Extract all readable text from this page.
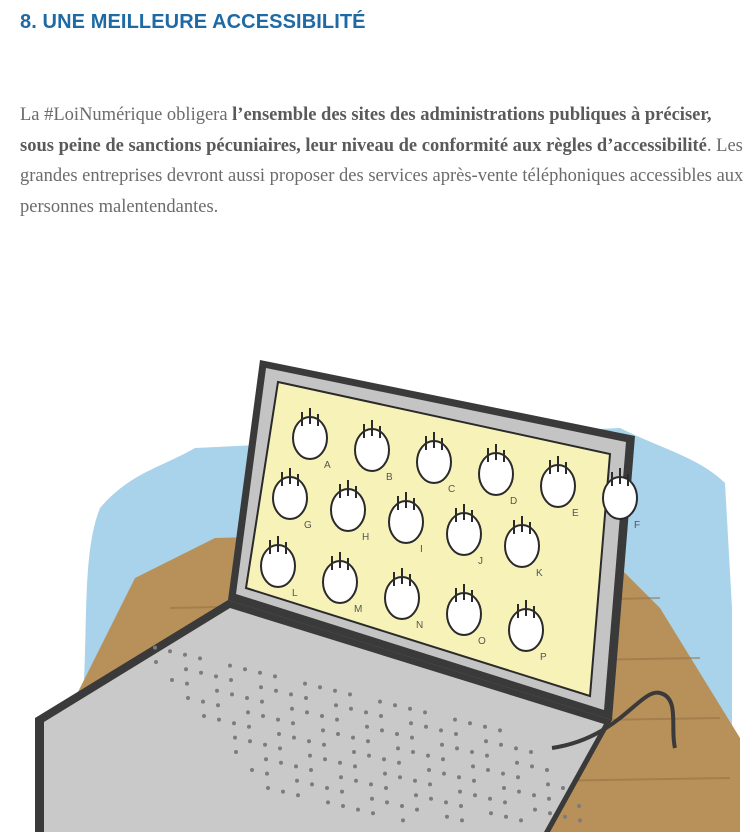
8. UNE MEILLEURE ACCESSIBILITÉ

La #LoiNumérique obligera l’ensemble des sites des administrations publiques à préciser, sous peine de sanctions pécuniaires, leur niveau de conformité aux règles d’accessibilité. Les grandes entreprises devront aussi proposer des services après-vente téléphoniques accessibles aux personnes malentendantes.

A
B
C
D
E
F
G
H
I
J
K
L
M
N
O
P
